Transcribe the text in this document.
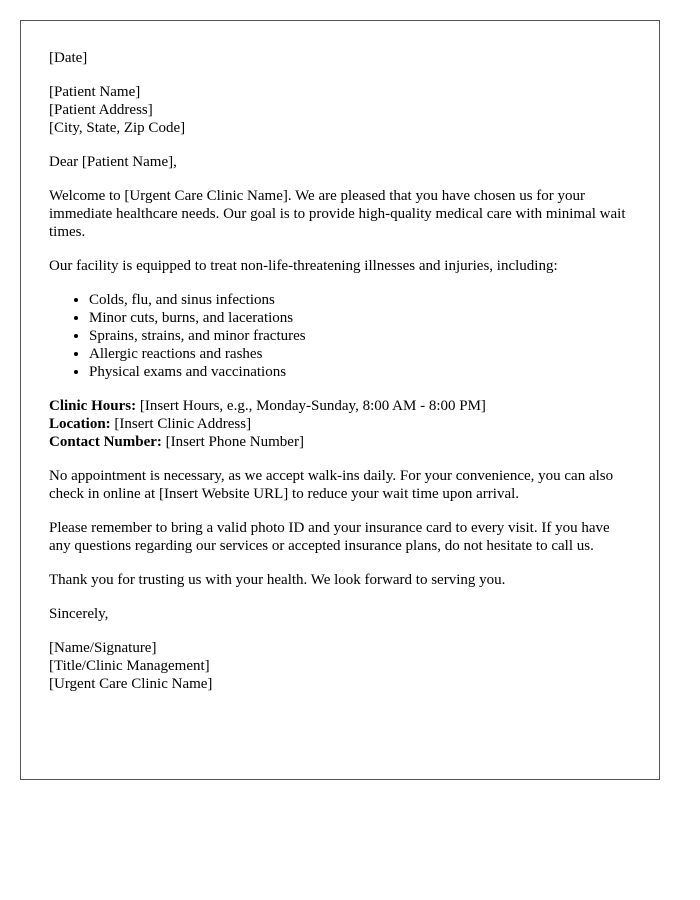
[Date]
[Patient Name]
[Patient Address]
[City, State, Zip Code]

Dear [Patient Name],

Welcome to [Urgent Care Clinic Name]. We are pleased that you have chosen us for your immediate healthcare needs. Our goal is to provide high-quality medical care with minimal wait times.

Our facility is equipped to treat non-life-threatening illnesses and injuries, including:

• Colds, flu, and sinus infections
• Minor cuts, burns, and lacerations
• Sprains, strains, and minor fractures
• Allergic reactions and rashes
• Physical exams and vaccinations
Clinic Hours: [Insert Hours, e.g., Monday-Sunday, 8:00 AM - 8:00 PM]
Location: [Insert Clinic Address]
Contact Number: [Insert Phone Number]

No appointment is necessary, as we accept walk-ins daily. For your convenience, you can also check in online at [Insert Website URL] to reduce your wait time upon arrival.

Please remember to bring a valid photo ID and your insurance card to every visit. If you have any questions regarding our services or accepted insurance plans, do not hesitate to call us.

Thank you for trusting us with your health. We look forward to serving you.

Sincerely,

[Name/Signature]
[Title/Clinic Management]
[Urgent Care Clinic Name]
